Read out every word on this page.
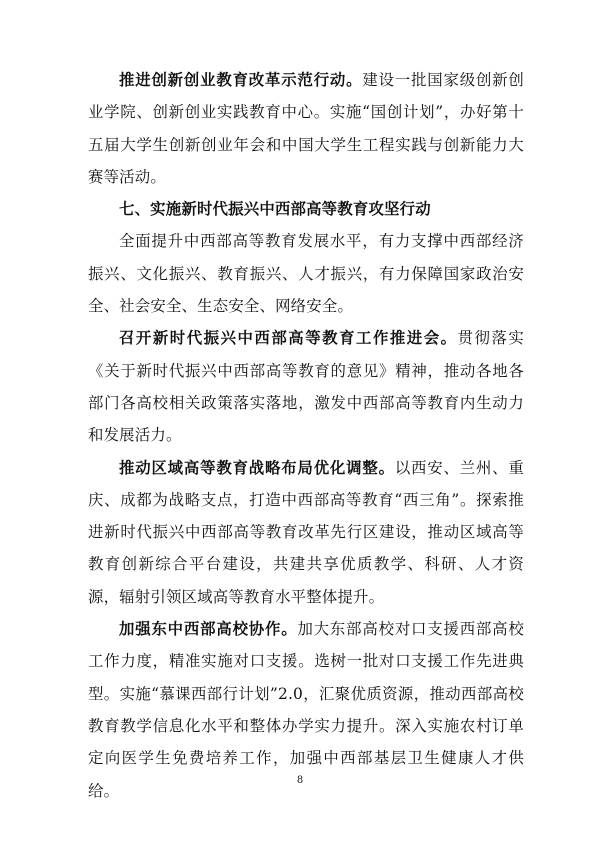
推进创新创业教育改革示范行动。建设一批国家级创新创业学院、创新创业实践教育中心。实施“国创计划”，办好第十五届大学生创新创业年会和中国大学生工程实践与创新能力大赛等活动。

七、实施新时代振兴中西部高等教育攻坚行动

全面提升中西部高等教育发展水平，有力支撑中西部经济振兴、文化振兴、教育振兴、人才振兴，有力保障国家政治安全、社会安全、生态安全、网络安全。

召开新时代振兴中西部高等教育工作推进会。贯彻落实《关于新时代振兴中西部高等教育的意见》精神，推动各地各部门各高校相关政策落实落地，激发中西部高等教育内生动力和发展活力。

推动区域高等教育战略布局优化调整。以西安、兰州、重庆、成都为战略支点，打造中西部高等教育“西三角”。探索推进新时代振兴中西部高等教育改革先行区建设，推动区域高等教育创新综合平台建设，共建共享优质教学、科研、人才资源，辐射引领区域高等教育水平整体提升。

加强东中西部高校协作。加大东部高校对口支援西部高校工作力度，精准实施对口支援。选树一批对口支援工作先进典型。实施“慕课西部行计划”2.0，汇聚优质资源，推动西部高校教育教学信息化水平和整体办学实力提升。深入实施农村订单定向医学生免费培养工作，加强中西部基层卫生健康人才供给。

8
